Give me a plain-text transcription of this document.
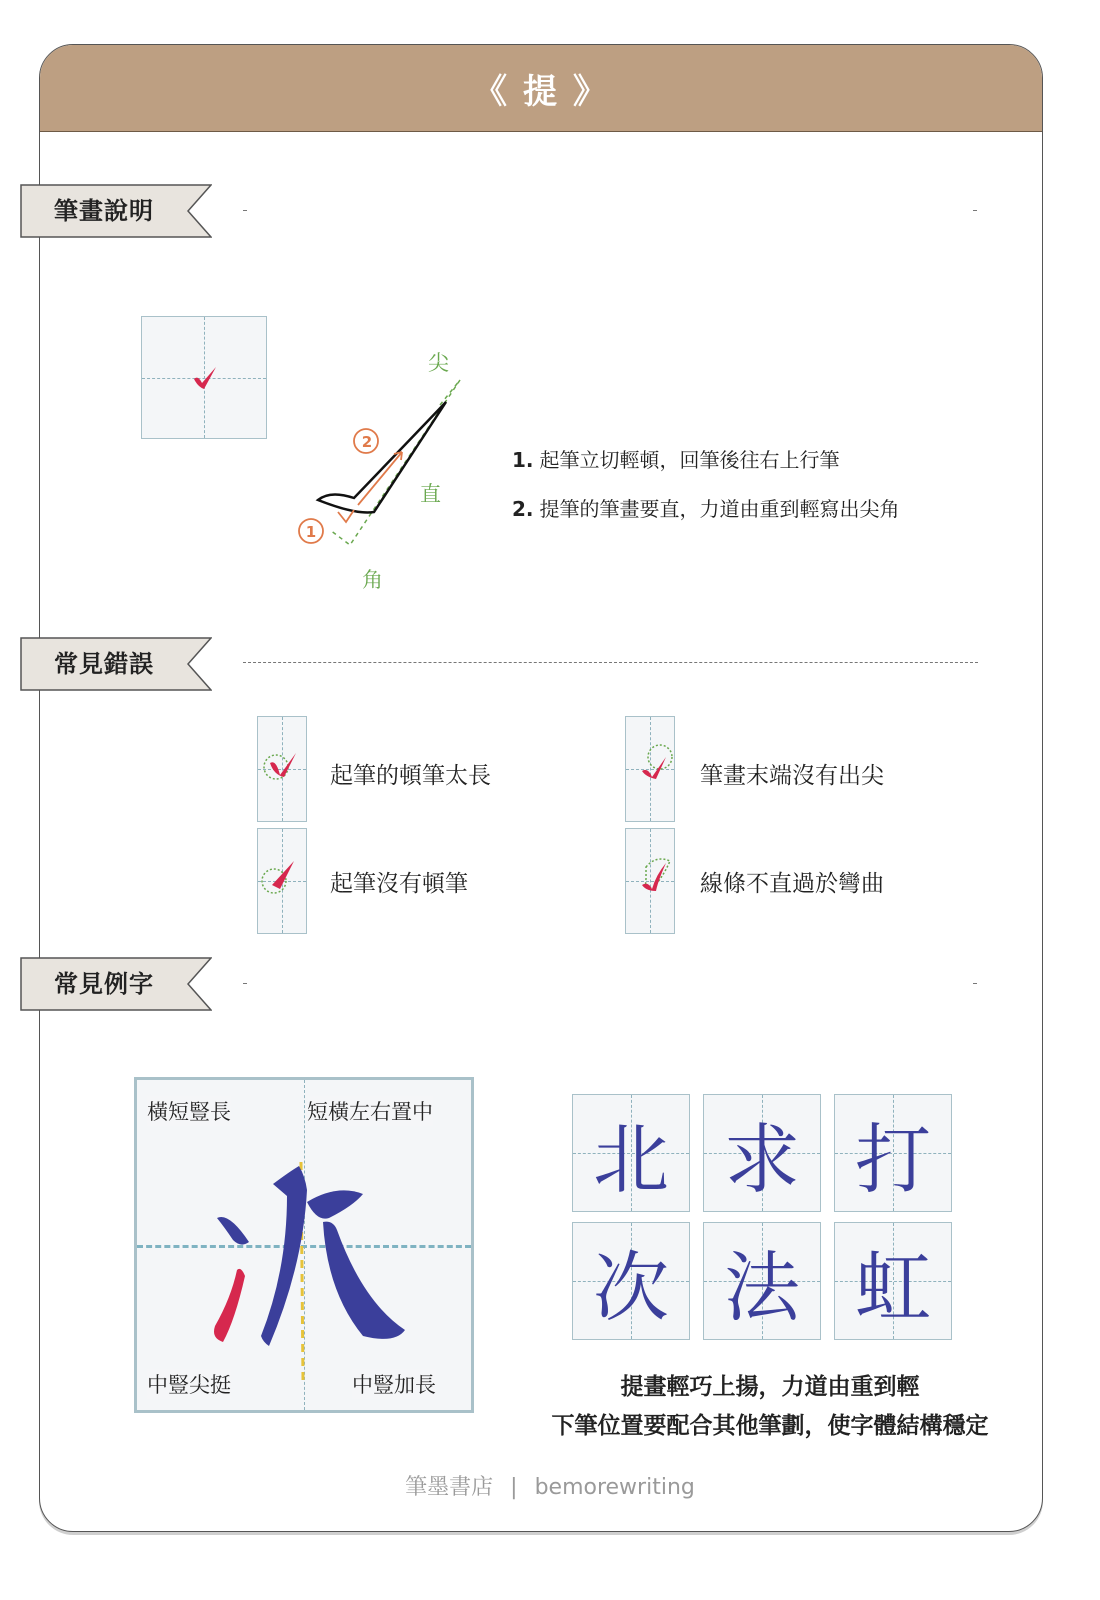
《 提 》
筆畫說明
常見錯誤
常見例字
2
1
尖
直
角
1. 起筆立切輕頓，回筆後往右上行筆
2. 提筆的筆畫要直，力道由重到輕寫出尖角
起筆的頓筆太長	筆畫末端沒有出尖
起筆沒有頓筆	線條不直過於彎曲
橫短豎長	短橫左右置中
中豎尖挺	中豎加長
北 求 打
次 法 虹
提畫輕巧上揚，力道由重到輕
下筆位置要配合其他筆劃，使字體結構穩定
筆墨書店 | bemorewriting
